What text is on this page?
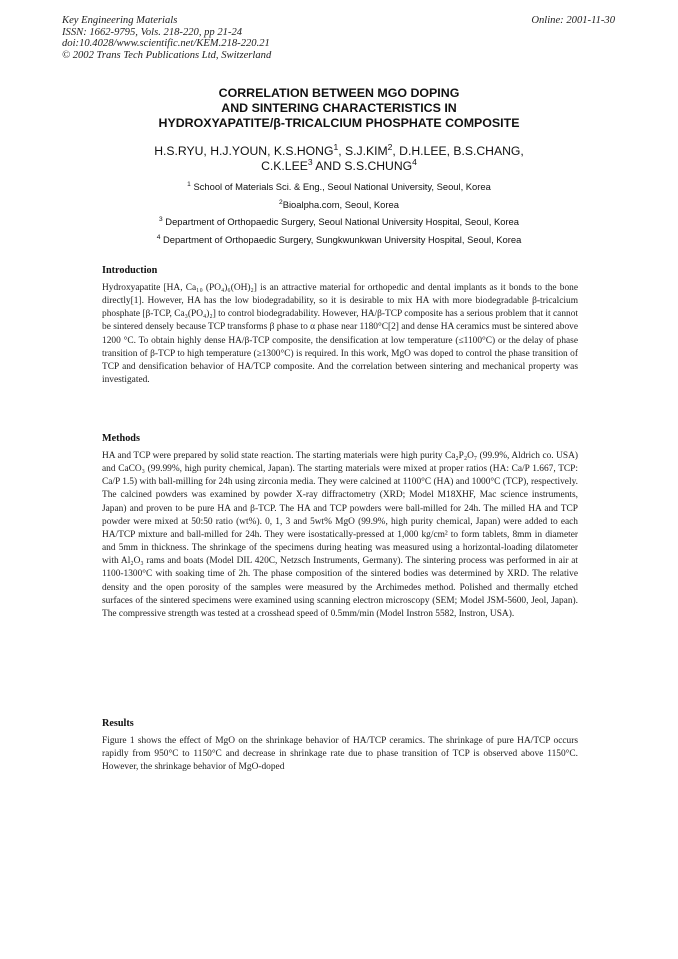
Key Engineering Materials
ISSN: 1662-9795, Vols. 218-220, pp 21-24
doi:10.4028/www.scientific.net/KEM.218-220.21
© 2002 Trans Tech Publications Ltd, Switzerland
Online: 2001-11-30
CORRELATION BETWEEN MGO DOPING
AND SINTERING CHARACTERISTICS IN
HYDROXYAPATITE/β-TRICALCIUM PHOSPHATE COMPOSITE
H.S.RYU, H.J.YOUN, K.S.HONG$^1$, S.J.KIM$^2$, D.H.LEE, B.S.CHANG,
C.K.LEE$^3$ AND S.S.CHUNG$^4$
$^1$ School of Materials Sci. & Eng., Seoul National University, Seoul, Korea
$^2$Bioalpha.com, Seoul, Korea
$^3$ Department of Orthopaedic Surgery, Seoul National University Hospital, Seoul, Korea
$^4$ Department of Orthopaedic Surgery, Sungkwunkwan University Hospital, Seoul, Korea
Introduction

Hydroxyapatite [HA, Ca₁₀ (PO₄)₆(OH)₂] is an attractive material for orthopedic and dental implants as it bonds to the bone directly[1]. However, HA has the low biodegradability, so it is desirable to mix HA with more biodegradable β-tricalcium phosphate [β-TCP, Ca₃(PO₄)₂] to control biodegradability. However, HA/β-TCP composite has a serious problem that it cannot be sintered densely because TCP transforms β phase to α phase near 1180°C[2] and dense HA ceramics must be sintered above 1200 °C. To obtain highly dense HA/β-TCP composite, the densification at low temperature (≤1100°C) or the delay of phase transition of β-TCP to high temperature (≥1300°C) is required. In this work, MgO was doped to control the phase transition of TCP and densification behavior of HA/TCP composite. And the correlation between sintering and mechanical property was investigated.

Methods

HA and TCP were prepared by solid state reaction. The starting materials were high purity Ca₂P₂O₇ (99.9%, Aldrich co. USA) and CaCO₃ (99.99%, high purity chemical, Japan). The starting materials were mixed at proper ratios (HA: Ca/P 1.667, TCP: Ca/P 1.5) with ball-milling for 24h using zirconia media. They were calcined at 1100°C (HA) and 1000°C (TCP), respectively. The calcined powders was examined by powder X-ray diffractometry (XRD; Model M18XHF, Mac science instruments, Japan) and proven to be pure HA and β-TCP. The HA and TCP powders were ball-milled for 24h. The milled HA and TCP powder were mixed at 50:50 ratio (wt%). 0, 1, 3 and 5wt% MgO (99.9%, high purity chemical, Japan) were added to each HA/TCP mixture and ball-milled for 24h. They were isostatically-pressed at 1,000 kg/cm² to form tablets, 8mm in diameter and 5mm in thickness. The shrinkage of the specimens during heating was measured using a horizontal-loading dilatometer with Al₂O₃ rams and boats (Model DIL 420C, Netzsch Instruments, Germany). The sintering process was performed in air at 1100-1300°C with soaking time of 2h. The phase composition of the sintered bodies was determined by XRD. The relative density and the open porosity of the samples were measured by the Archimedes method. Polished and thermally etched surfaces of the sintered specimens were examined using scanning electron microscopy (SEM; Model JSM-5600, Jeol, Japan). The compressive strength was tested at a crosshead speed of 0.5mm/min (Model Instron 5582, Instron, USA).

Results

Figure 1 shows the effect of MgO on the shrinkage behavior of HA/TCP ceramics. The shrinkage of pure HA/TCP occurs rapidly from 950°C to 1150°C and decrease in shrinkage rate due to phase transition of TCP is observed above 1150°C. However, the shrinkage behavior of MgO-doped
